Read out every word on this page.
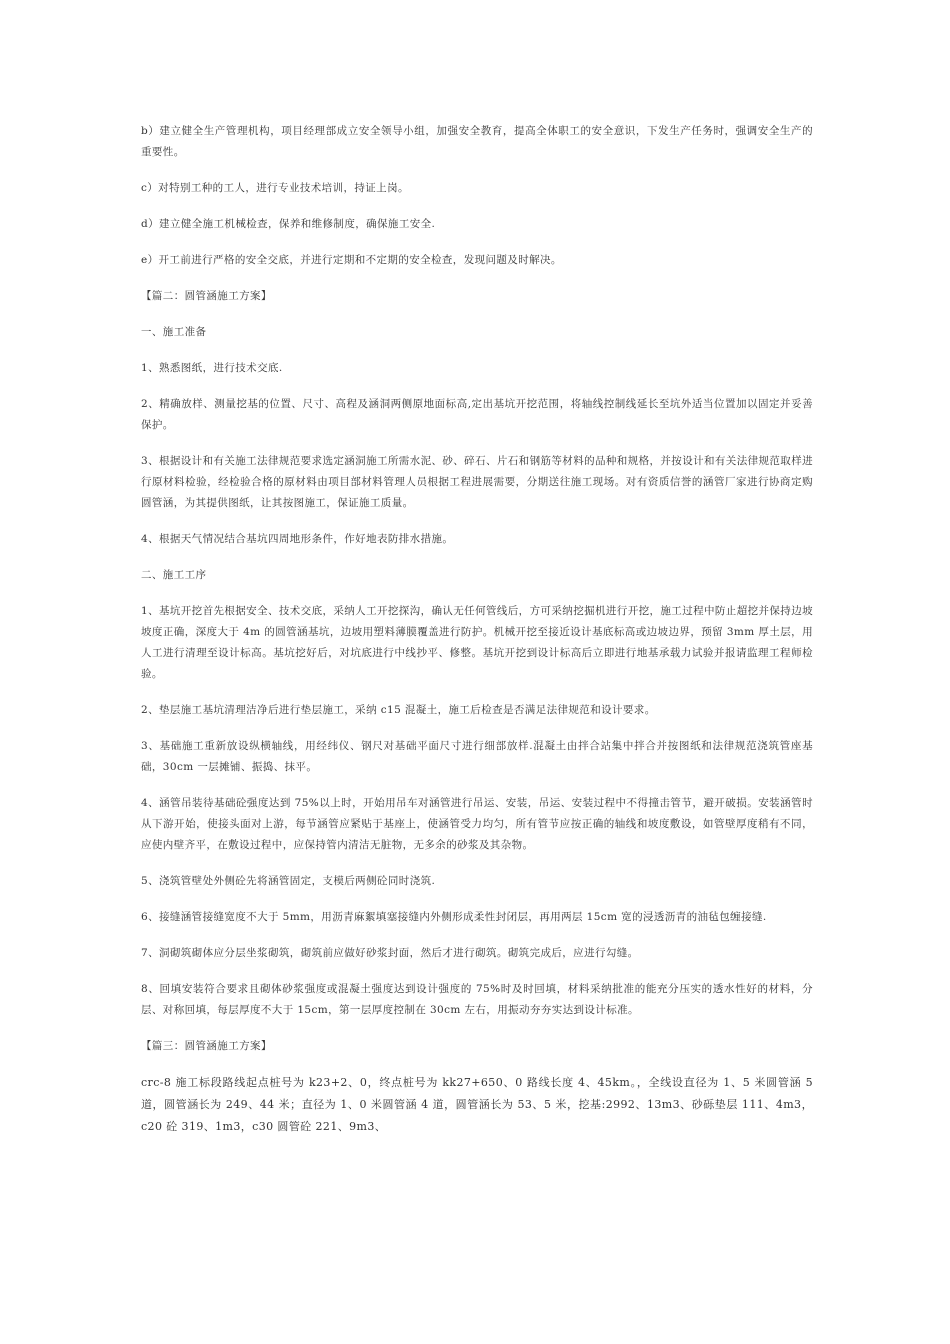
b）建立健全生产管理机构，项目经理部成立安全领导小组，加强安全教育，提高全体职工的安全意识，下发生产任务时，强调安全生产的重要性。

c）对特别工种的工人，进行专业技术培训，持证上岗。

d）建立健全施工机械检查，保养和维修制度，确保施工安全.

e）开工前进行严格的安全交底，并进行定期和不定期的安全检查，发现问题及时解决。

【篇二：圆管涵施工方案】

一、施工准备

1、熟悉图纸，进行技术交底.

2、精确放样、测量挖基的位置、尺寸、高程及涵洞两侧原地面标高,定出基坑开挖范围，将轴线控制线延长至坑外适当位置加以固定并妥善保护。

3、根据设计和有关施工法律规范要求选定涵洞施工所需水泥、砂、碎石、片石和钢筋等材料的品种和规格，并按设计和有关法律规范取样进行原材料检验，经检验合格的原材料由项目部材料管理人员根据工程进展需要，分期送往施工现场。对有资质信誉的涵管厂家进行协商定购圆管涵，为其提供图纸，让其按图施工，保证施工质量。

4、根据天气情况结合基坑四周地形条件，作好地表防排水措施。

二、施工工序

1、基坑开挖首先根据安全、技术交底，采纳人工开挖探沟，确认无任何管线后，方可采纳挖掘机进行开挖，施工过程中防止超挖并保持边坡坡度正确，深度大于 4m 的圆管涵基坑，边坡用塑料薄膜覆盖进行防护。机械开挖至接近设计基底标高或边坡边界，预留 3mm 厚土层，用人工进行清理至设计标高。基坑挖好后，对坑底进行中线抄平、修整。基坑开挖到设计标高后立即进行地基承载力试验并报请监理工程师检验。

2、垫层施工基坑清理洁净后进行垫层施工，采纳 c15 混凝土，施工后检查是否满足法律规范和设计要求。

3、基础施工重新放设纵横轴线，用经纬仪、钢尺对基础平面尺寸进行细部放样.混凝土由拌合站集中拌合并按图纸和法律规范浇筑管座基础，30cm 一层摊铺、振捣、抹平。

4、涵管吊装待基础砼强度达到 75%以上时，开始用吊车对涵管进行吊运、安装，吊运、安装过程中不得撞击管节，避开破损。安装涵管时从下游开始，使接头面对上游，每节涵管应紧贴于基座上，使涵管受力均匀，所有管节应按正确的轴线和坡度敷设，如管壁厚度稍有不同，应使内壁齐平，在敷设过程中，应保持管内清洁无脏物，无多余的砂浆及其杂物。

5、浇筑管壁处外侧砼先将涵管固定，支模后两侧砼同时浇筑.

6、接缝涵管接缝宽度不大于 5mm，用沥青麻絮填塞接缝内外侧形成柔性封闭层，再用两层 15cm 宽的浸透沥青的油毡包缠接缝.

7、洞砌筑砌体应分层坐浆砌筑，砌筑前应做好砂浆封面，然后才进行砌筑。砌筑完成后，应进行勾缝。

8、回填安装符合要求且砌体砂浆强度或混凝土强度达到设计强度的 75%时及时回填，材料采纳批准的能充分压实的透水性好的材料，分层、对称回填，每层厚度不大于 15cm，第一层厚度控制在 30cm 左右，用振动夯夯实达到设计标准。

【篇三：圆管涵施工方案】

crc-8 施工标段路线起点桩号为 k23+2、0，终点桩号为 kk27+650、0 路线长度 4、45km。，全线设直径为 1、5 米圆管涵 5 道，圆管涵长为 249、44 米；直径为 1、0 米圆管涵 4 道，圆管涵长为 53、5 米，挖基:2992、13m3、砂砾垫层 111、4m3，c20 砼 319、1m3，c30 圆管砼 221、9m3、
